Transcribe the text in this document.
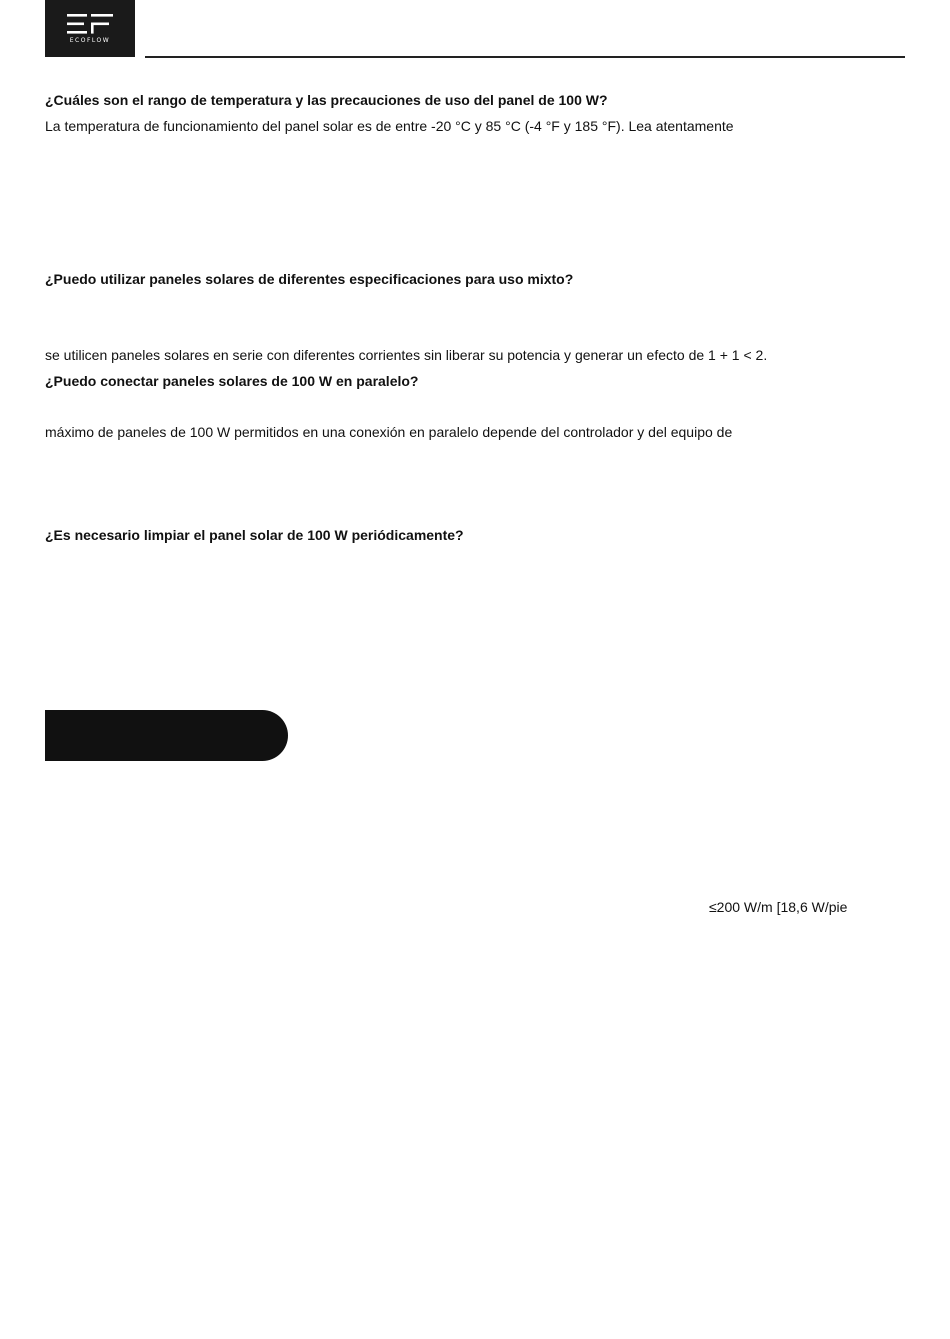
ECOFLOW
¿Cuáles son el rango de temperatura y las precauciones de uso del panel de 100 W?
La temperatura de funcionamiento del panel solar es de entre -20 °C y 85 °C (-4 °F y 185 °F). Lea atentamente
¿Puedo utilizar paneles solares de diferentes especificaciones para uso mixto?
se utilicen paneles solares en serie con diferentes corrientes sin liberar su potencia y generar un efecto de 1 + 1 < 2.
¿Puedo conectar paneles solares de 100 W en paralelo?
máximo de paneles de 100 W permitidos en una conexión en paralelo depende del controlador y del equipo de
¿Es necesario limpiar el panel solar de 100 W periódicamente?
≤200 W/m [18,6 W/pie
